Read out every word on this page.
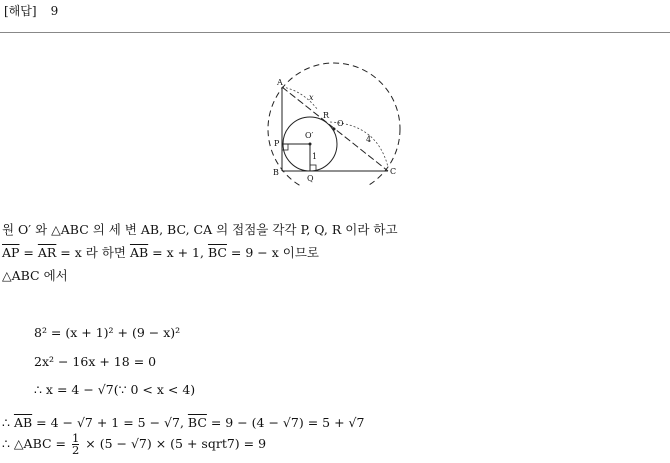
[해답] 9
A
B	C
P
Q
R
O
O′
1
x
4
원 O′ 와 △ABC 의 세 변 AB, BC, CA 의 접점을 각각 P, Q, R 이라 하고
$\overline{AP} = \overline{AR} = x$ 라 하면 $\overline{AB} = x + 1$, $\overline{BC} = 9 - x$ 이므로
△ABC 에서
8² = (x + 1)² + (9 − x)²
2x² − 16x + 18 = 0
∴ x = 4 − √7(∵ 0 < x < 4)
∴ $\overline{AB} = 4 - √7 + 1 = 5 - √7$, $\overline{BC} = 9 - (4 - √7) = 5 + √7$
∴ △ABC = $\frac{1}{2} \times (5 - √7) \times (5$ + sqrt7) = 9
